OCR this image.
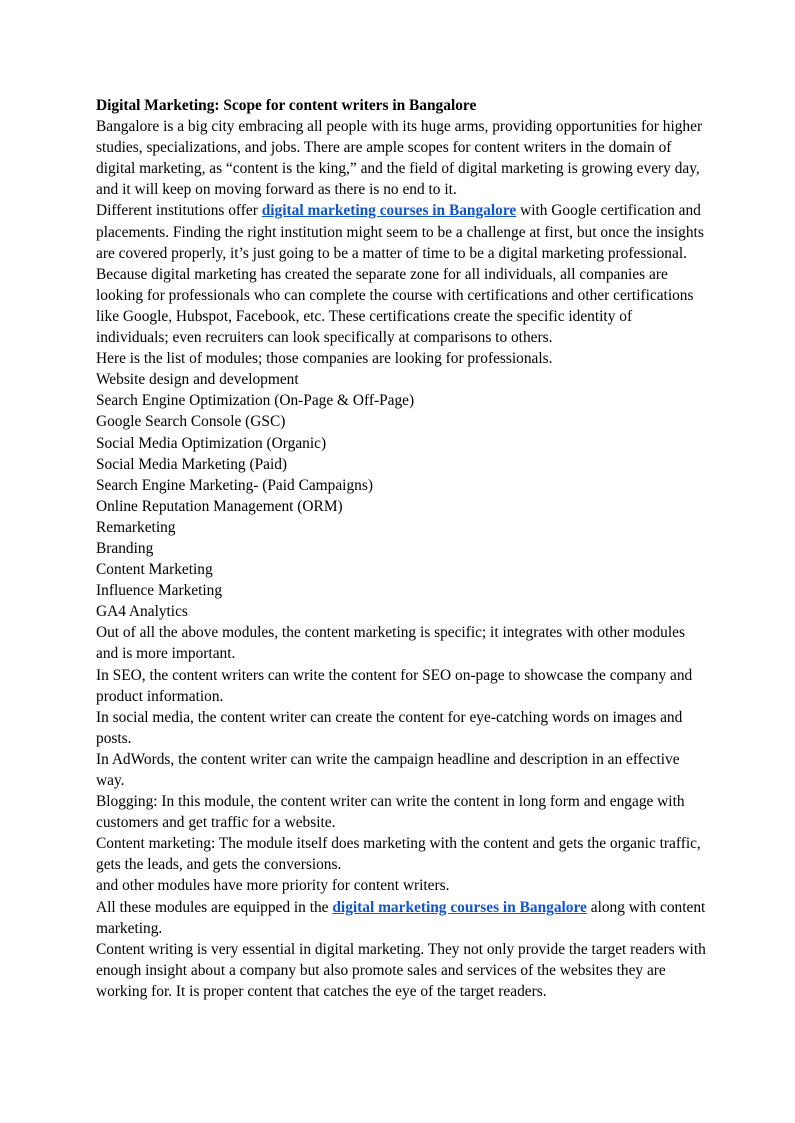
Digital Marketing: Scope for content writers in Bangalore

Bangalore is a big city embracing all people with its huge arms, providing opportunities for higher studies, specializations, and jobs. There are ample scopes for content writers in the domain of digital marketing, as “content is the king,” and the field of digital marketing is growing every day, and it will keep on moving forward as there is no end to it.

Different institutions offer digital marketing courses in Bangalore with Google certification and placements. Finding the right institution might seem to be a challenge at first, but once the insights are covered properly, it’s just going to be a matter of time to be a digital marketing professional. Because digital marketing has created the separate zone for all individuals, all companies are looking for professionals who can complete the course with certifications and other certifications like Google, Hubspot, Facebook, etc. These certifications create the specific identity of individuals; even recruiters can look specifically at comparisons to others.

Here is the list of modules; those companies are looking for professionals.

Website design and development

Search Engine Optimization (On-Page & Off-Page)

Google Search Console (GSC)

Social Media Optimization (Organic)

Social Media Marketing (Paid)

Search Engine Marketing- (Paid Campaigns)

Online Reputation Management (ORM)

Remarketing

Branding

Content Marketing

Influence Marketing

GA4 Analytics

Out of all the above modules, the content marketing is specific; it integrates with other modules and is more important.

In SEO, the content writers can write the content for SEO on-page to showcase the company and product information.

In social media, the content writer can create the content for eye-catching words on images and posts.

In AdWords, the content writer can write the campaign headline and description in an effective way.

Blogging: In this module, the content writer can write the content in long form and engage with customers and get traffic for a website.

Content marketing: The module itself does marketing with the content and gets the organic traffic, gets the leads, and gets the conversions.

and other modules have more priority for content writers.

All these modules are equipped in the digital marketing courses in Bangalore along with content marketing.

Content writing is very essential in digital marketing. They not only provide the target readers with enough insight about a company but also promote sales and services of the websites they are working for. It is proper content that catches the eye of the target readers.
